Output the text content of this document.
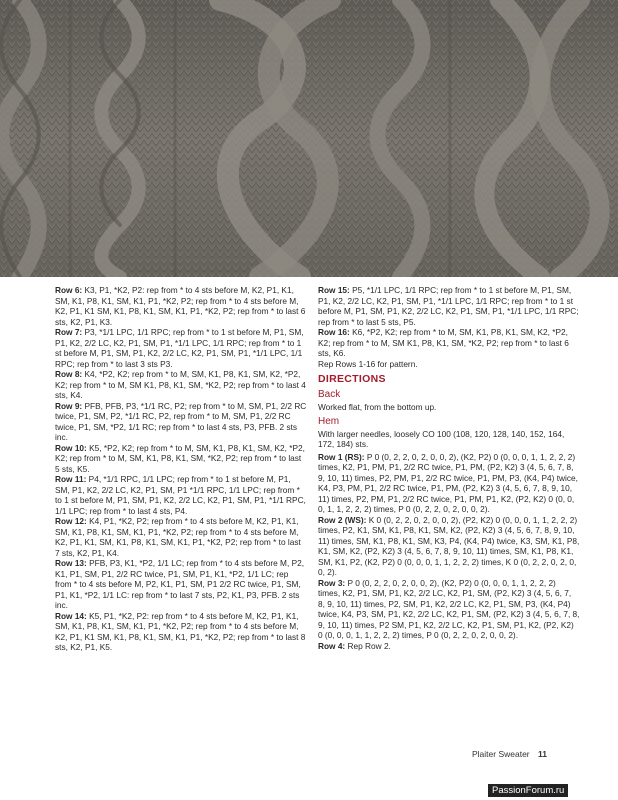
Row 6: K3, P1, *K2, P2: rep from * to 4 sts before M, K2, P1, K1, SM, K1, P8, K1, SM, K1, P1, *K2, P2; rep from * to 4 sts before M, K2, P1, K1 SM, K1, P8, K1, SM, K1, P1, *K2, P2; rep from * to last 6 sts, K2, P1, K3.
Row 7: P3, *1/1 LPC, 1/1 RPC; rep from * to 1 st before M, P1, SM, P1, K2, 2/2 LC, K2, P1, SM, P1, *1/1 LPC, 1/1 RPC; rep from * to 1 st before M, P1, SM, P1, K2, 2/2 LC, K2, P1, SM, P1, *1/1 LPC, 1/1 RPC; rep from * to last 3 sts P3.
Row 8: K4, *P2, K2; rep from * to M, SM, K1, P8, K1, SM, K2, *P2, K2; rep from * to M, SM K1, P8, K1, SM, *K2, P2; rep from * to last 4 sts, K4.
Row 9: PFB, PFB, P3, *1/1 RC, P2; rep from * to M, SM, P1, 2/2 RC twice, P1, SM, P2, *1/1 RC, P2, rep from * to M, SM, P1, 2/2 RC twice, P1, SM, *P2, 1/1 RC; rep from * to last 4 sts, P3, PFB. 2 sts inc.
Row 10: K5, *P2, K2; rep from * to M, SM, K1, P8, K1, SM, K2, *P2, K2; rep from * to M, SM, K1, P8, K1, SM, *K2, P2; rep from * to last 5 sts, K5.
Row 11: P4, *1/1 RPC, 1/1 LPC; rep from * to 1 st before M, P1, SM, P1, K2, 2/2 LC, K2, P1, SM, P1 *1/1 RPC, 1/1 LPC; rep from * to 1 st before M, P1, SM, P1, K2, 2/2 LC, K2, P1, SM, P1, *1/1 RPC, 1/1 LPC; rep from * to last 4 sts, P4.
Row 12: K4, P1, *K2, P2; rep from * to 4 sts before M, K2, P1, K1, SM, K1, P8, K1, SM, K1, P1, *K2, P2; rep from * to 4 sts before M, K2, P1, K1, SM, K1, P8, K1, SM, K1, P1, *K2, P2; rep from * to last 7 sts, K2, P1, K4.
Row 13: PFB, P3, K1, *P2, 1/1 LC; rep from * to 4 sts before M, P2, K1, P1, SM, P1, 2/2 RC twice, P1, SM, P1, K1, *P2, 1/1 LC; rep from * to 4 sts before M, P2, K1, P1, SM, P1 2/2 RC twice, P1, SM, P1, K1, *P2, 1/1 LC: rep from * to last 7 sts, P2, K1, P3, PFB. 2 sts inc.
Row 14: K5, P1, *K2, P2: rep from * to 4 sts before M, K2, P1, K1, SM, K1, P8, K1, SM, K1, P1, *K2, P2; rep from * to 4 sts before M, K2, P1, K1 SM, K1, P8, K1, SM, K1, P1, *K2, P2; rep from * to last 8 sts, K2, P1, K5.
Row 15: P5, *1/1 LPC, 1/1 RPC; rep from * to 1 st before M, P1, SM, P1, K2, 2/2 LC, K2, P1, SM, P1, *1/1 LPC, 1/1 RPC; rep from * to 1 st before M, P1, SM, P1, K2, 2/2 LC, K2, P1, SM, P1, *1/1 LPC, 1/1 RPC; rep from * to last 5 sts, P5.
Row 16: K6, *P2, K2; rep from * to M, SM, K1, P8, K1, SM, K2, *P2, K2; rep from * to M, SM K1, P8, K1, SM, *K2, P2; rep from * to last 6 sts, K6.
Rep Rows 1-16 for pattern.
DIRECTIONS
Back
Worked flat, from the bottom up.
Hem
With larger needles, loosely CO 100 (108, 120, 128, 140, 152, 164, 172, 184) sts.
Row 1 (RS): P 0 (0, 2, 2, 0, 2, 0, 0, 2), (K2, P2) 0 (0, 0, 0, 1, 1, 2, 2, 2) times, K2, P1, PM, P1, 2/2 RC twice, P1, PM, (P2, K2) 3 (4, 5, 6, 7, 8, 9, 10, 11) times, P2, PM, P1, 2/2 RC twice, P1, PM, P3, (K4, P4) twice, K4, P3, PM, P1, 2/2 RC twice, P1, PM, (P2, K2) 3 (4, 5, 6, 7, 8, 9, 10, 11) times, P2, PM, P1, 2/2 RC twice, P1, PM, P1, K2, (P2, K2) 0 (0, 0, 0, 1, 1, 2, 2, 2) times, P 0 (0, 2, 2, 0, 2, 0, 0, 2).
Row 2 (WS): K 0 (0, 2, 2, 0, 2, 0, 0, 2), (P2, K2) 0 (0, 0, 0, 1, 1, 2, 2, 2) times, P2, K1, SM, K1, P8, K1, SM, K2, (P2, K2) 3 (4, 5, 6, 7, 8, 9, 10, 11) times, SM, K1, P8, K1, SM, K3, P4, (K4, P4) twice, K3, SM, K1, P8, K1, SM, K2, (P2, K2) 3 (4, 5, 6, 7, 8, 9, 10, 11) times, SM, K1, P8, K1, SM, K1, P2, (K2, P2) 0 (0, 0, 0, 1, 1, 2, 2, 2) times, K 0 (0, 2, 2, 0, 2, 0, 0, 2).
Row 3: P 0 (0, 2, 2, 0, 2, 0, 0, 2), (K2, P2) 0 (0, 0, 0, 1, 1, 2, 2, 2) times, K2, P1, SM, P1, K2, 2/2 LC, K2, P1, SM, (P2, K2) 3 (4, 5, 6, 7, 8, 9, 10, 11) times, P2, SM, P1, K2, 2/2 LC, K2, P1, SM, P3, (K4, P4) twice, K4, P3, SM, P1, K2, 2/2 LC, K2, P1, SM, (P2, K2) 3 (4, 5, 6, 7, 8, 9, 10, 11) times, P2 SM, P1, K2, 2/2 LC, K2, P1, SM, P1, K2, (P2, K2) 0 (0, 0, 0, 1, 1, 2, 2, 2) times, P 0 (0, 2, 2, 0, 2, 0, 0, 2).
Row 4: Rep Row 2.
Plaiter Sweater 11
PassionForum.ru
